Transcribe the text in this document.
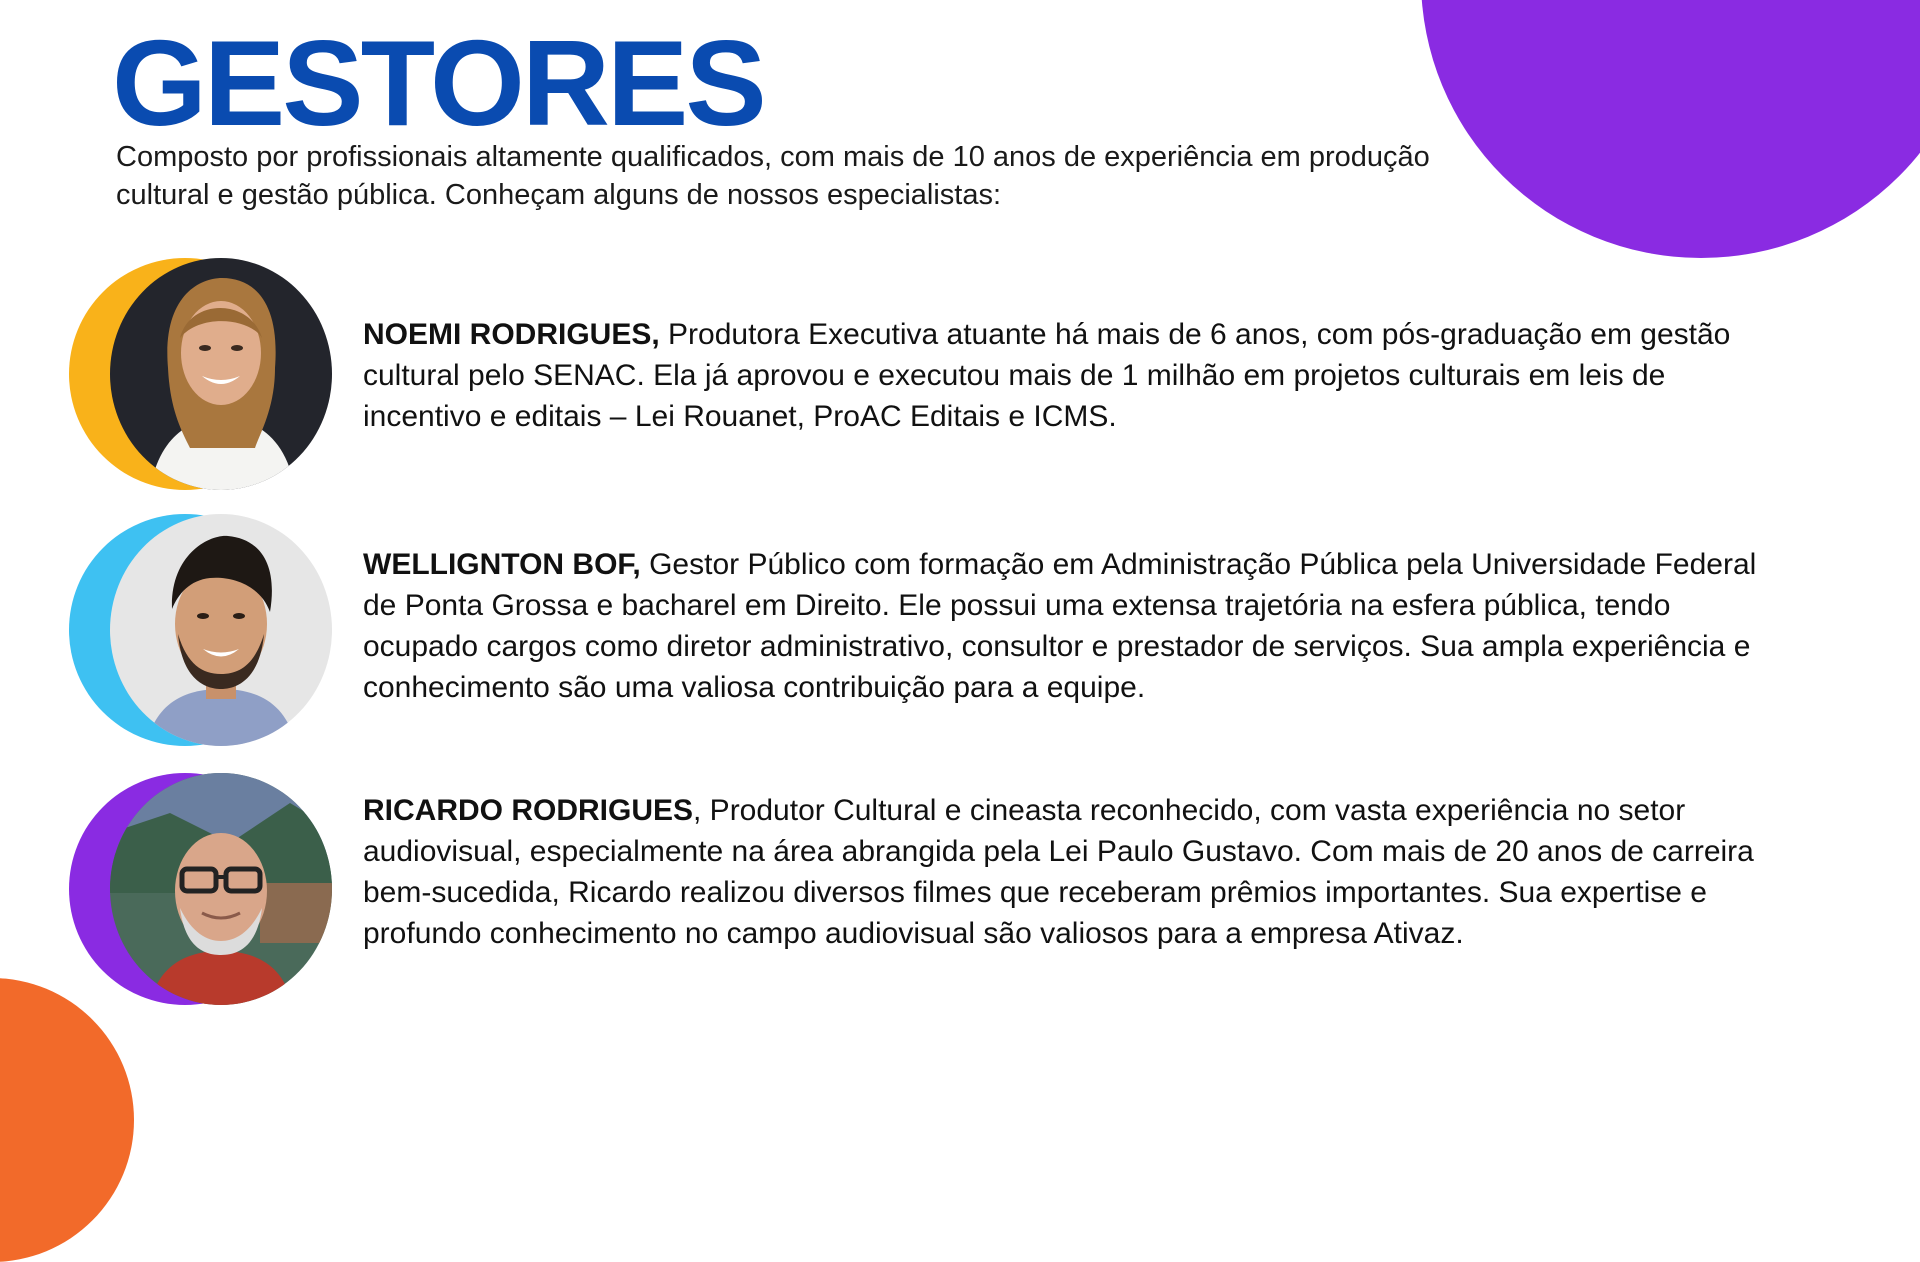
GESTORES

Composto por profissionais altamente qualificados, com mais de 10 anos de experiência em produção cultural e gestão pública. Conheçam alguns de nossos especialistas:

NOEMI RODRIGUES, Produtora Executiva atuante há mais de 6 anos, com pós-graduação em gestão cultural pelo SENAC. Ela já aprovou e executou mais de 1 milhão em projetos culturais em leis de incentivo e editais – Lei Rouanet, ProAC Editais e ICMS.

WELLIGNTON BOF, Gestor Público com formação em Administração Pública pela Universidade Federal de Ponta Grossa e bacharel em Direito. Ele possui uma extensa trajetória na esfera pública, tendo ocupado cargos como diretor administrativo, consultor e prestador de serviços. Sua ampla experiência e conhecimento são uma valiosa contribuição para a equipe.

RICARDO RODRIGUES, Produtor Cultural e cineasta reconhecido, com vasta experiência no setor audiovisual, especialmente na área abrangida pela Lei Paulo Gustavo. Com mais de 20 anos de carreira bem-sucedida, Ricardo realizou diversos filmes que receberam prêmios importantes. Sua expertise e profundo conhecimento no campo audiovisual são valiosos para a empresa Ativaz.
